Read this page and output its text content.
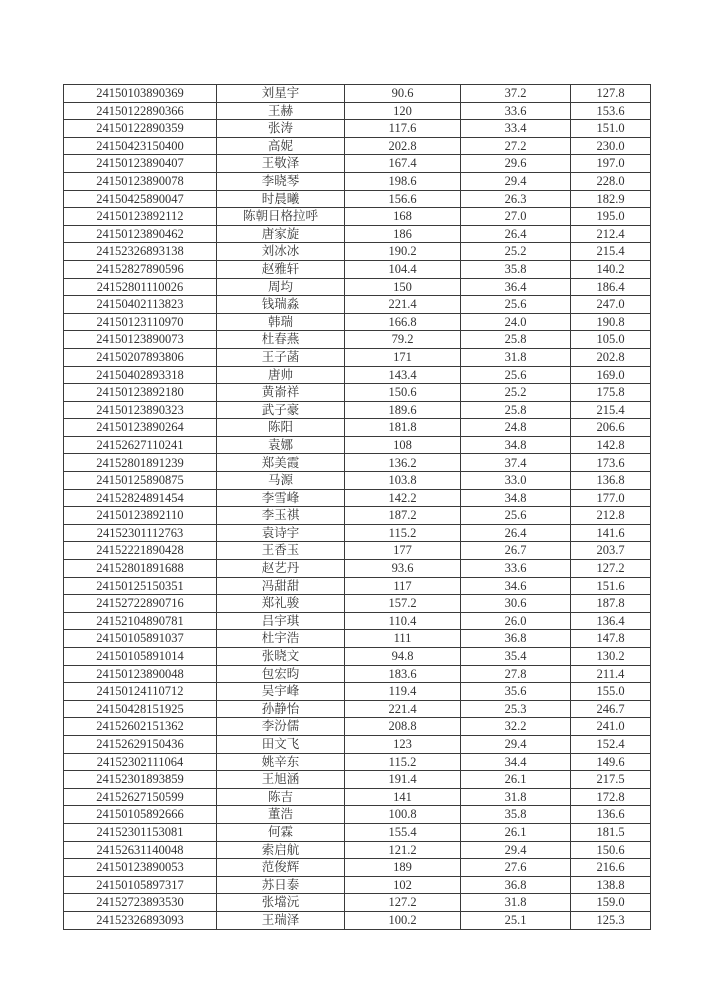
24150103890369	刘星宇	90.6	37.2	127.8
24150122890366	王赫	120	33.6	153.6
24150122890359	张涛	117.6	33.4	151.0
24150423150400	高妮	202.8	27.2	230.0
24150123890407	王敬泽	167.4	29.6	197.0
24150123890078	李晓琴	198.6	29.4	228.0
24150425890047	时晨曦	156.6	26.3	182.9
24150123892112	陈朝日格拉呼	168	27.0	195.0
24150123890462	唐家旋	186	26.4	212.4
24152326893138	刘冰冰	190.2	25.2	215.4
24152827890596	赵雅轩	104.4	35.8	140.2
24152801110026	周均	150	36.4	186.4
24150402113823	钱瑞淼	221.4	25.6	247.0
24150123110970	韩瑞	166.8	24.0	190.8
24150123890073	杜春燕	79.2	25.8	105.0
24150207893806	王子菡	171	31.8	202.8
24150402893318	唐帅	143.4	25.6	169.0
24150123892180	黄嵛祥	150.6	25.2	175.8
24150123890323	武子豪	189.6	25.8	215.4
24150123890264	陈阳	181.8	24.8	206.6
24152627110241	袁娜	108	34.8	142.8
24152801891239	郑美霞	136.2	37.4	173.6
24150125890875	马源	103.8	33.0	136.8
24152824891454	李雪峰	142.2	34.8	177.0
24150123892110	李玉祺	187.2	25.6	212.8
24152301112763	袁诗宇	115.2	26.4	141.6
24152221890428	王香玉	177	26.7	203.7
24152801891688	赵艺丹	93.6	33.6	127.2
24150125150351	冯甜甜	117	34.6	151.6
24152722890716	郑礼骏	157.2	30.6	187.8
24152104890781	吕宇琪	110.4	26.0	136.4
24150105891037	杜宇浩	111	36.8	147.8
24150105891014	张晓文	94.8	35.4	130.2
24150123890048	包宏昀	183.6	27.8	211.4
24150124110712	吴宇峰	119.4	35.6	155.0
24150428151925	孙静怡	221.4	25.3	246.7
24152602151362	李汾儒	208.8	32.2	241.0
24152629150436	田文飞	123	29.4	152.4
24152302111064	姚辛东	115.2	34.4	149.6
24152301893859	王旭涵	191.4	26.1	217.5
24152627150599	陈吉	141	31.8	172.8
24150105892666	董浩	100.8	35.8	136.6
24152301153081	何霖	155.4	26.1	181.5
24152631140048	索启航	121.2	29.4	150.6
24150123890053	范俊辉	189	27.6	216.6
24150105897317	苏日泰	102	36.8	138.8
24152723893530	张壋沅	127.2	31.8	159.0
24152326893093	王瑞泽	100.2	25.1	125.3
